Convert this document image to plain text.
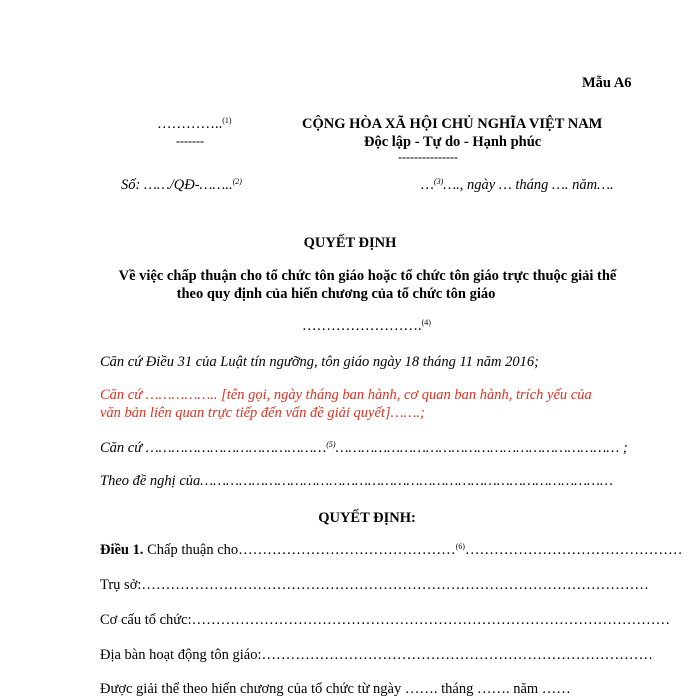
Mẫu A6
…………..$^{(1)}$
-------
CỘNG HÒA XÃ HỘI CHỦ NGHĨA VIỆT NAM
Độc lập - Tự do - Hạnh phúc
---------------
Số: ……/QĐ-……..$^{(2)}$	…$^{(3)}$…., ngày … tháng …. năm….
QUYẾT ĐỊNH
Về việc chấp thuận cho tổ chức tôn giáo hoặc tổ chức tôn giáo trực thuộc giải thể
theo quy định của hiến chương của tổ chức tôn giáo
…………………….$^{(4)}$
Căn cứ Điều 31 của Luật tín ngưỡng, tôn giáo ngày 18 tháng 11 năm 2016;
Căn cứ …………….. [tên gọi, ngày tháng ban hành, cơ quan ban hành, trích yếu của
văn bản liên quan trực tiếp đến vấn đề giải quyết]…….;
Căn cứ ……………………………………$^{(5)}$………………………………………………………… ;
Theo đề nghị của……………………………………………………………………………………
QUYẾT ĐỊNH:
Điều 1. Chấp thuận cho………………………………………$^{(6)}$………………………………………
Trụ sở:……………………………………………………………………………………………
Cơ cấu tổ chức:………………………………………………………………………………………
Địa bàn hoạt động tôn giáo:………………………………………………………………………
Được giải thể theo hiến chương của tổ chức từ ngày ……. tháng ……. năm ……
